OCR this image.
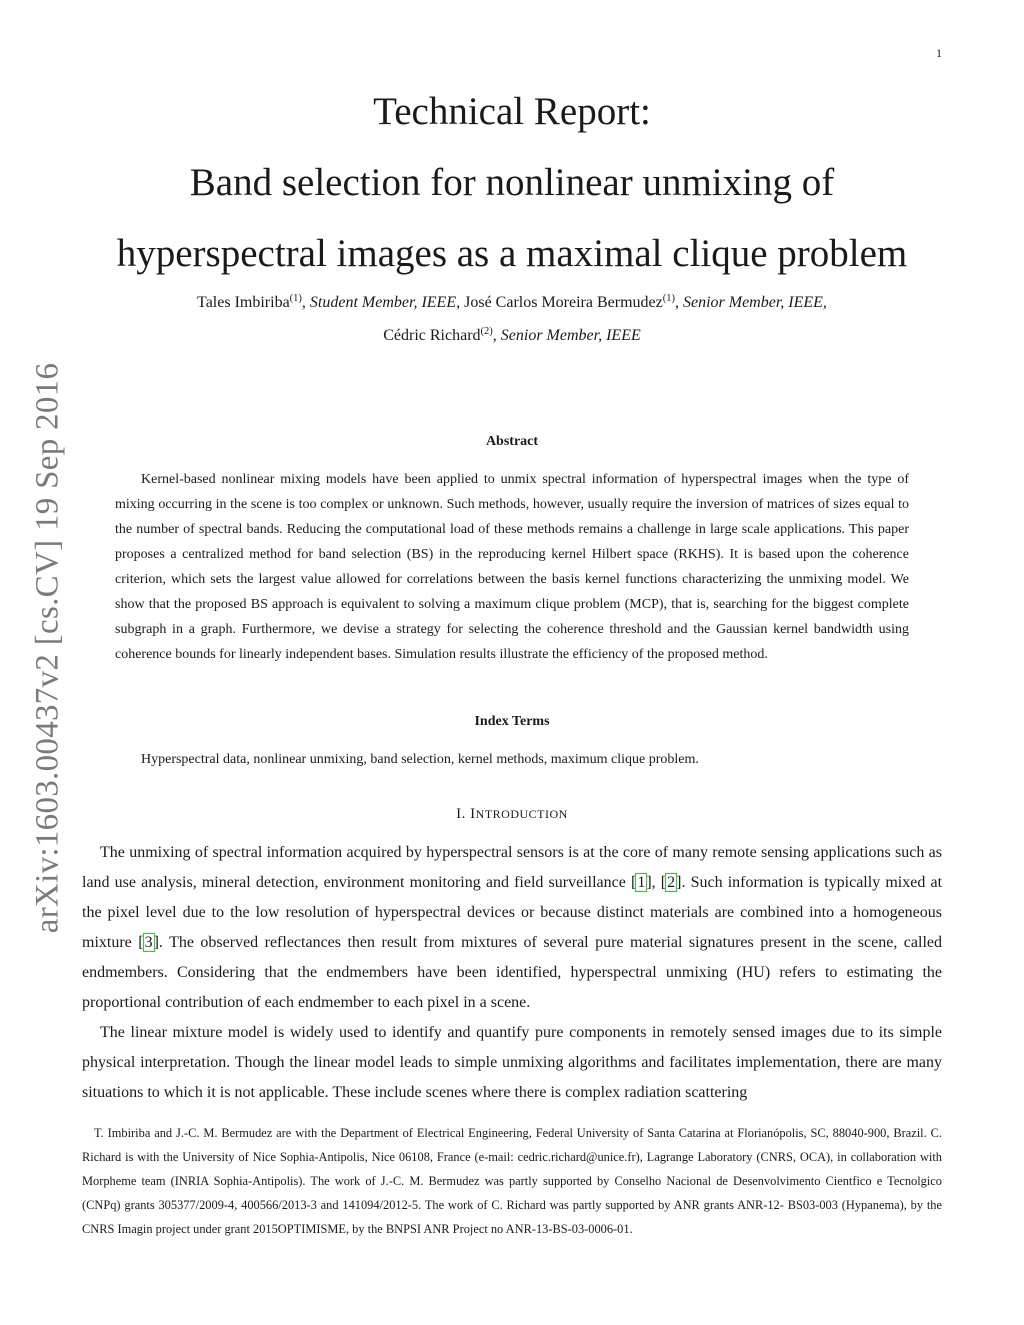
1
arXiv:1603.00437v2 [cs.CV] 19 Sep 2016
Technical Report:
Band selection for nonlinear unmixing of
hyperspectral images as a maximal clique problem
Tales Imbiriba$^{(1)}$, Student Member, IEEE, José Carlos Moreira Bermudez$^{(1)}$, Senior Member, IEEE,
Cédric Richard$^{(2)}$, Senior Member, IEEE
Abstract
Kernel-based nonlinear mixing models have been applied to unmix spectral information of hyperspectral images when the type of mixing occurring in the scene is too complex or unknown. Such methods, however, usually require the inversion of matrices of sizes equal to the number of spectral bands. Reducing the computational load of these methods remains a challenge in large scale applications. This paper proposes a centralized method for band selection (BS) in the reproducing kernel Hilbert space (RKHS). It is based upon the coherence criterion, which sets the largest value allowed for correlations between the basis kernel functions characterizing the unmixing model. We show that the proposed BS approach is equivalent to solving a maximum clique problem (MCP), that is, searching for the biggest complete subgraph in a graph. Furthermore, we devise a strategy for selecting the coherence threshold and the Gaussian kernel bandwidth using coherence bounds for linearly independent bases. Simulation results illustrate the efficiency of the proposed method.
Index Terms
Hyperspectral data, nonlinear unmixing, band selection, kernel methods, maximum clique problem.
I. INTRODUCTION

The unmixing of spectral information acquired by hyperspectral sensors is at the core of many remote sensing applications such as land use analysis, mineral detection, environment monitoring and field surveillance [1], [2]. Such information is typically mixed at the pixel level due to the low resolution of hyperspectral devices or because distinct materials are combined into a homogeneous mixture [3]. The observed reflectances then result from mixtures of several pure material signatures present in the scene, called endmembers. Considering that the endmembers have been identified, hyperspectral unmixing (HU) refers to estimating the proportional contribution of each endmember to each pixel in a scene.

The linear mixture model is widely used to identify and quantify pure components in remotely sensed images due to its simple physical interpretation. Though the linear model leads to simple unmixing algorithms and facilitates implementation, there are many situations to which it is not applicable. These include scenes where there is complex radiation scattering

T. Imbiriba and J.-C. M. Bermudez are with the Department of Electrical Engineering, Federal University of Santa Catarina at Florianópolis, SC, 88040-900, Brazil. C. Richard is with the University of Nice Sophia-Antipolis, Nice 06108, France (e-mail: cedric.richard@unice.fr), Lagrange Laboratory (CNRS, OCA), in collaboration with Morpheme team (INRIA Sophia-Antipolis). The work of J.-C. M. Bermudez was partly supported by Conselho Nacional de Desenvolvimento Cientfico e Tecnolgico (CNPq) grants 305377/2009-4, 400566/2013-3 and 141094/2012-5. The work of C. Richard was partly supported by ANR grants ANR-12- BS03-003 (Hypanema), by the CNRS Imagin project under grant 2015OPTIMISME, by the BNPSI ANR Project no ANR-13-BS-03-0006-01.
